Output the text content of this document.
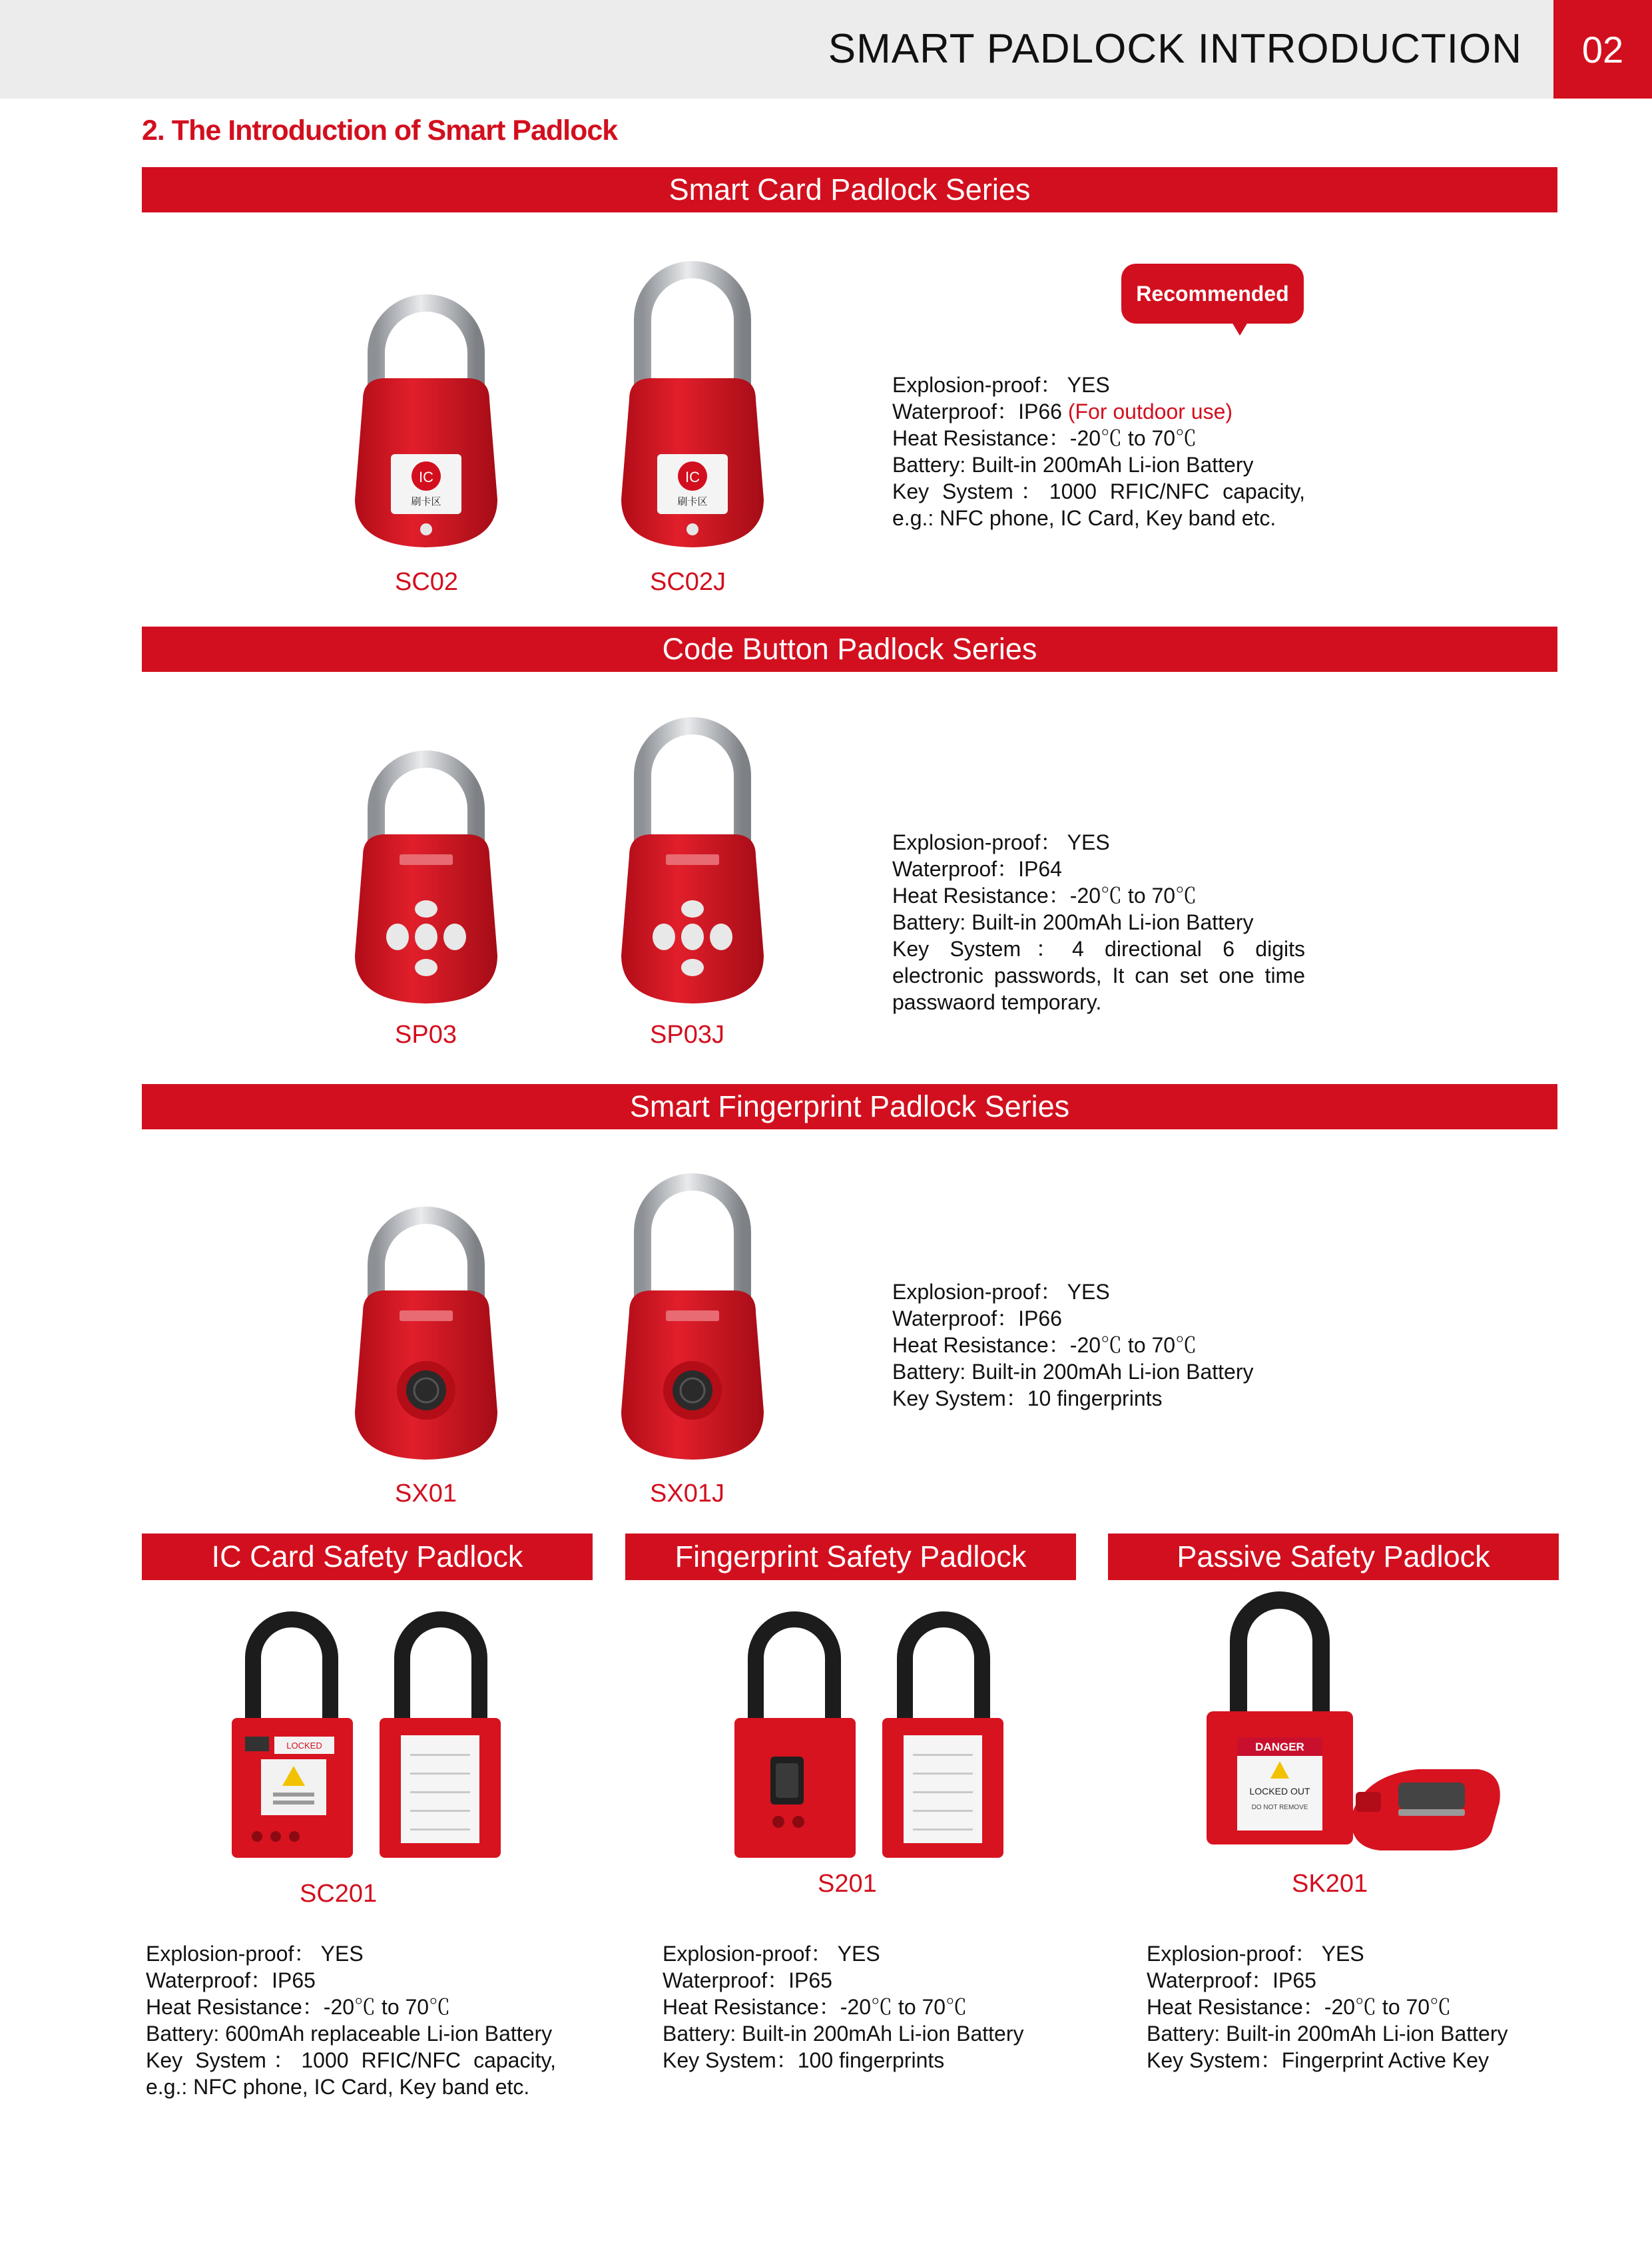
SMART PADLOCK INTRODUCTION	02
2. The Introduction of Smart Padlock
Smart Card Padlock Series
IC
刷卡区
IC
刷卡区
SC02	SC02J
Recommended
Explosion-proof： YES
Waterproof：IP66 (For outdoor use)
Heat Resistance：-20℃ to 70℃
Battery: Built-in 200mAh Li-ion Battery
Key System：1000 RFIC/NFC capacity, e.g.: NFC phone, IC Card, Key band etc.
Code Button Padlock Series
SP03	SP03J
Explosion-proof： YES
Waterproof：IP64
Heat Resistance：-20℃ to 70℃
Battery: Built-in 200mAh Li-ion Battery
Key System：4 directional 6 digits electronic passwords, It can set one time passwaord temporary.
Smart Fingerprint Padlock Series
SX01	SX01J
Explosion-proof： YES
Waterproof：IP66
Heat Resistance：-20℃ to 70℃
Battery: Built-in 200mAh Li-ion Battery
Key System：10 fingerprints
IC Card Safety Padlock	Fingerprint Safety Padlock	Passive Safety Padlock
LOCKED	DANGER
LOCKED OUT
DO NOT REMOVE
SC201	S201	SK201
Explosion-proof： YES
Waterproof：IP65
Heat Resistance：-20℃ to 70℃
Battery: 600mAh replaceable Li-ion Battery
Key System：1000 RFIC/NFC capacity, e.g.: NFC phone, IC Card, Key band etc.
Explosion-proof： YES
Waterproof：IP65
Heat Resistance：-20℃ to 70℃
Battery: Built-in 200mAh Li-ion Battery
Key System：100 fingerprints
Explosion-proof： YES
Waterproof：IP65
Heat Resistance：-20℃ to 70℃
Battery: Built-in 200mAh Li-ion Battery
Key System：Fingerprint Active Key
